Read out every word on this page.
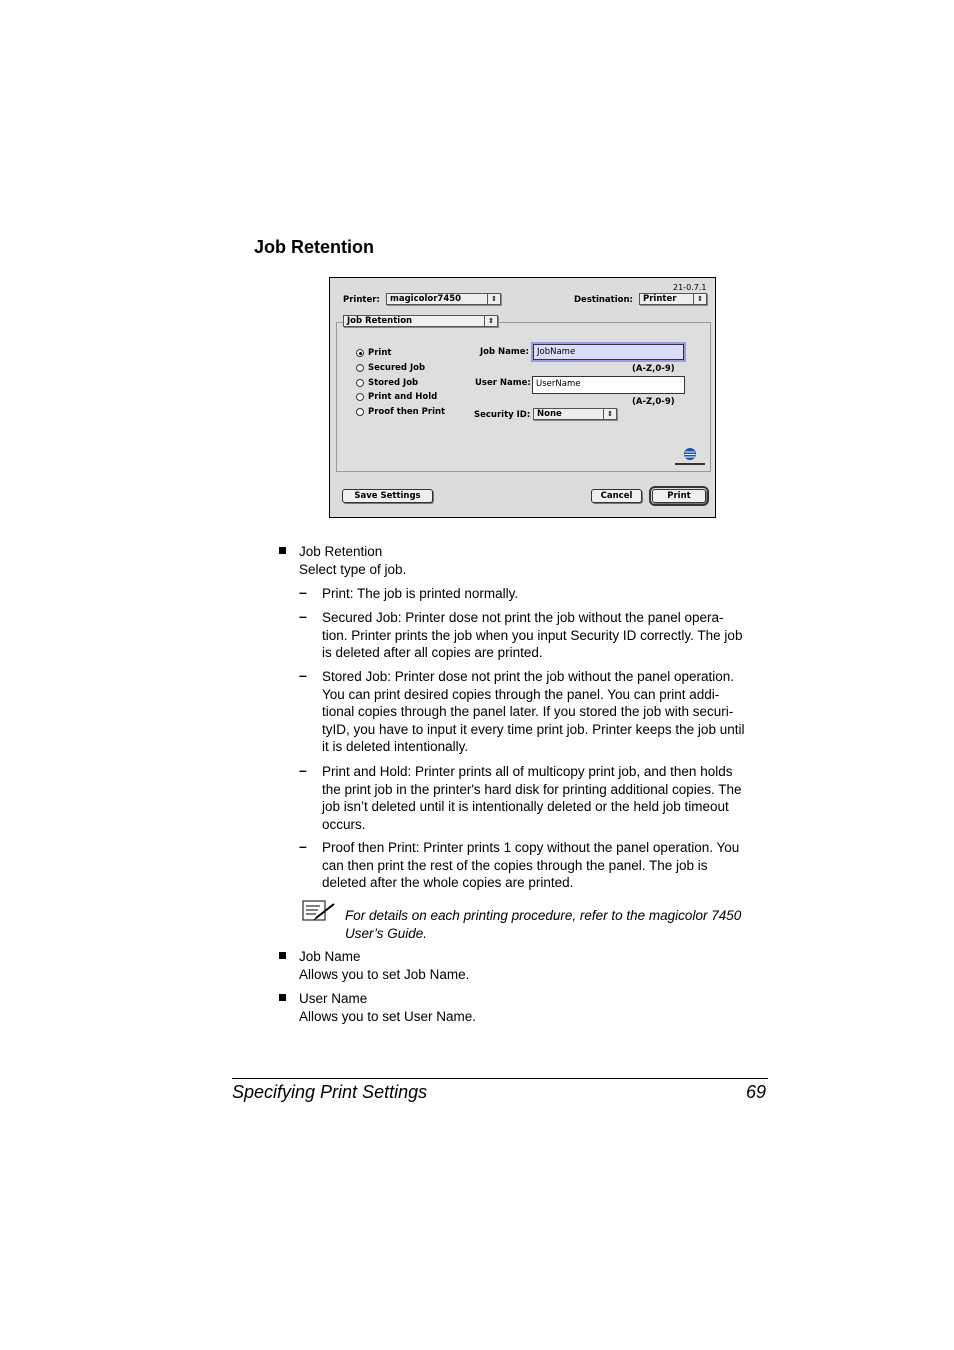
Job Retention
21-0.7.1
Printer:	magicolor7450	⇕	Destination:	Printer	⇕
Print
Secured Job
Stored Job
Print and Hold
Proof then Print
Job Name: JobName
(A-Z,0-9)
User Name: UserName
(A-Z,0-9)
Security ID: None	⇕
Job Retention	⇕
Save Settings	Cancel	Print
Job Retention
Select type of job.
– Print: The job is printed normally.
– Secured Job: Printer dose not print the job without the panel opera-
tion. Printer prints the job when you input Security ID correctly. The job
is deleted after all copies are printed.
– Stored Job: Printer dose not print the job without the panel operation.
You can print desired copies through the panel. You can print addi-
tional copies through the panel later. If you stored the job with securi-
tyID, you have to input it every time print job. Printer keeps the job until
it is deleted intentionally.
– Print and Hold: Printer prints all of multicopy print job, and then holds
the print job in the printer's hard disk for printing additional copies. The
job isn’t deleted until it is intentionally deleted or the held job timeout
occurs.
– Proof then Print: Printer prints 1 copy without the panel operation. You
can then print the rest of the copies through the panel. The job is
deleted after the whole copies are printed.
For details on each printing procedure, refer to the magicolor 7450
User’s Guide.
Job Name
Allows you to set Job Name.
User Name
Allows you to set User Name.
Specifying Print Settings	69
